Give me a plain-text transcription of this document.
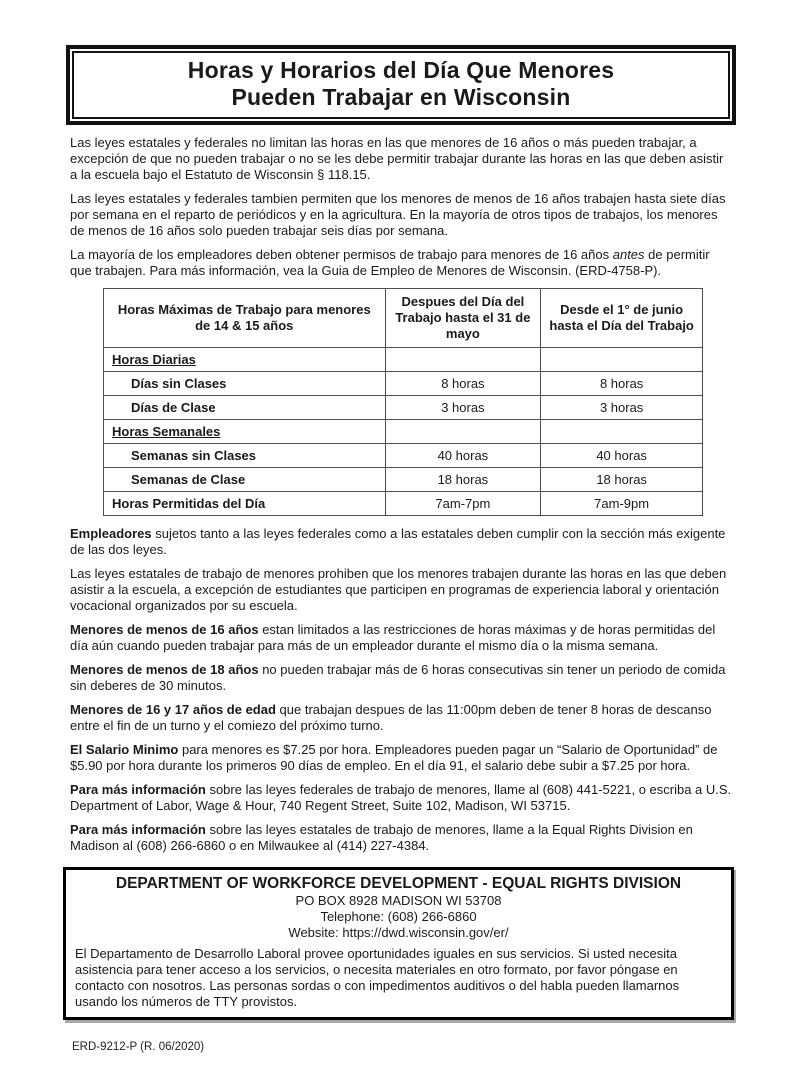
Horas y Horarios del Día Que Menores
Pueden Trabajar en Wisconsin

Las leyes estatales y federales no limitan las horas en las que menores de 16 años o más pueden trabajar, a excepción de que no pueden trabajar o no se les debe permitir trabajar durante las horas en las que deben asistir a la escuela bajo el Estatuto de Wisconsin § 118.15.

Las leyes estatales y federales tambien permiten que los menores de menos de 16 años trabajen hasta siete días por semana en el reparto de periódicos y en la agricultura. En la mayoría de otros tipos de trabajos, los menores de menos de 16 años solo pueden trabajar seis días por semana.

La mayoría de los empleadores deben obtener permisos de trabajo para menores de 16 años antes de permitir que trabajen. Para más información, vea la Guia de Empleo de Menores de Wisconsin. (ERD-4758-P).

Horas Máximas de Trabajo para menores de 14 & 15 años	Despues del Día del Trabajo hasta el 31 de mayo	Desde el 1° de junio hasta el Día del Trabajo
Horas Diarias		
Días sin Clases	8 horas	8 horas
Días de Clase	3 horas	3 horas
Horas Semanales		
Semanas sin Clases	40 horas	40 horas
Semanas de Clase	18 horas	18 horas
Horas Permitidas del Día	7am-7pm	7am-9pm

Empleadores sujetos tanto a las leyes federales como a las estatales deben cumplir con la sección más exigente de las dos leyes.

Las leyes estatales de trabajo de menores prohiben que los menores trabajen durante las horas en las que deben asistir a la escuela, a excepción de estudiantes que participen en programas de experiencia laboral y orientación vocacional organizados por su escuela.

Menores de menos de 16 años estan limitados a las restricciones de horas máximas y de horas permitidas del día aún cuando pueden trabajar para más de un empleador durante el mismo día o la misma semana.

Menores de menos de 18 años no pueden trabajar más de 6 horas consecutivas sin tener un periodo de comida sin deberes de 30 minutos.

Menores de 16 y 17 años de edad que trabajan despues de las 11:00pm deben de tener 8 horas de descanso entre el fin de un turno y el comiezo del próximo turno.

El Salario Minimo para menores es $7.25 por hora. Empleadores pueden pagar un “Salario de Oportunidad” de $5.90 por hora durante los primeros 90 días de empleo. En el día 91, el salario debe subir a $7.25 por hora.

Para más información sobre las leyes federales de trabajo de menores, llame al (608) 441-5221, o escriba a U.S. Department of Labor, Wage & Hour, 740 Regent Street, Suite 102, Madison, WI 53715.

Para más información sobre las leyes estatales de trabajo de menores, llame a la Equal Rights Division en Madison al (608) 266-6860 o en Milwaukee al (414) 227-4384.

DEPARTMENT OF WORKFORCE DEVELOPMENT - EQUAL RIGHTS DIVISION
PO BOX 8928 MADISON WI 53708
Telephone: (608) 266-6860
Website: https://dwd.wisconsin.gov/er/

El Departamento de Desarrollo Laboral provee oportunidades iguales en sus servicios. Si usted necesita asistencia para tener acceso a los servicios, o necesita materiales en otro formato, por favor póngase en contacto con nosotros. Las personas sordas o con impedimentos auditivos o del habla pueden llamarnos usando los números de TTY provistos.

ERD-9212-P (R. 06/2020)
